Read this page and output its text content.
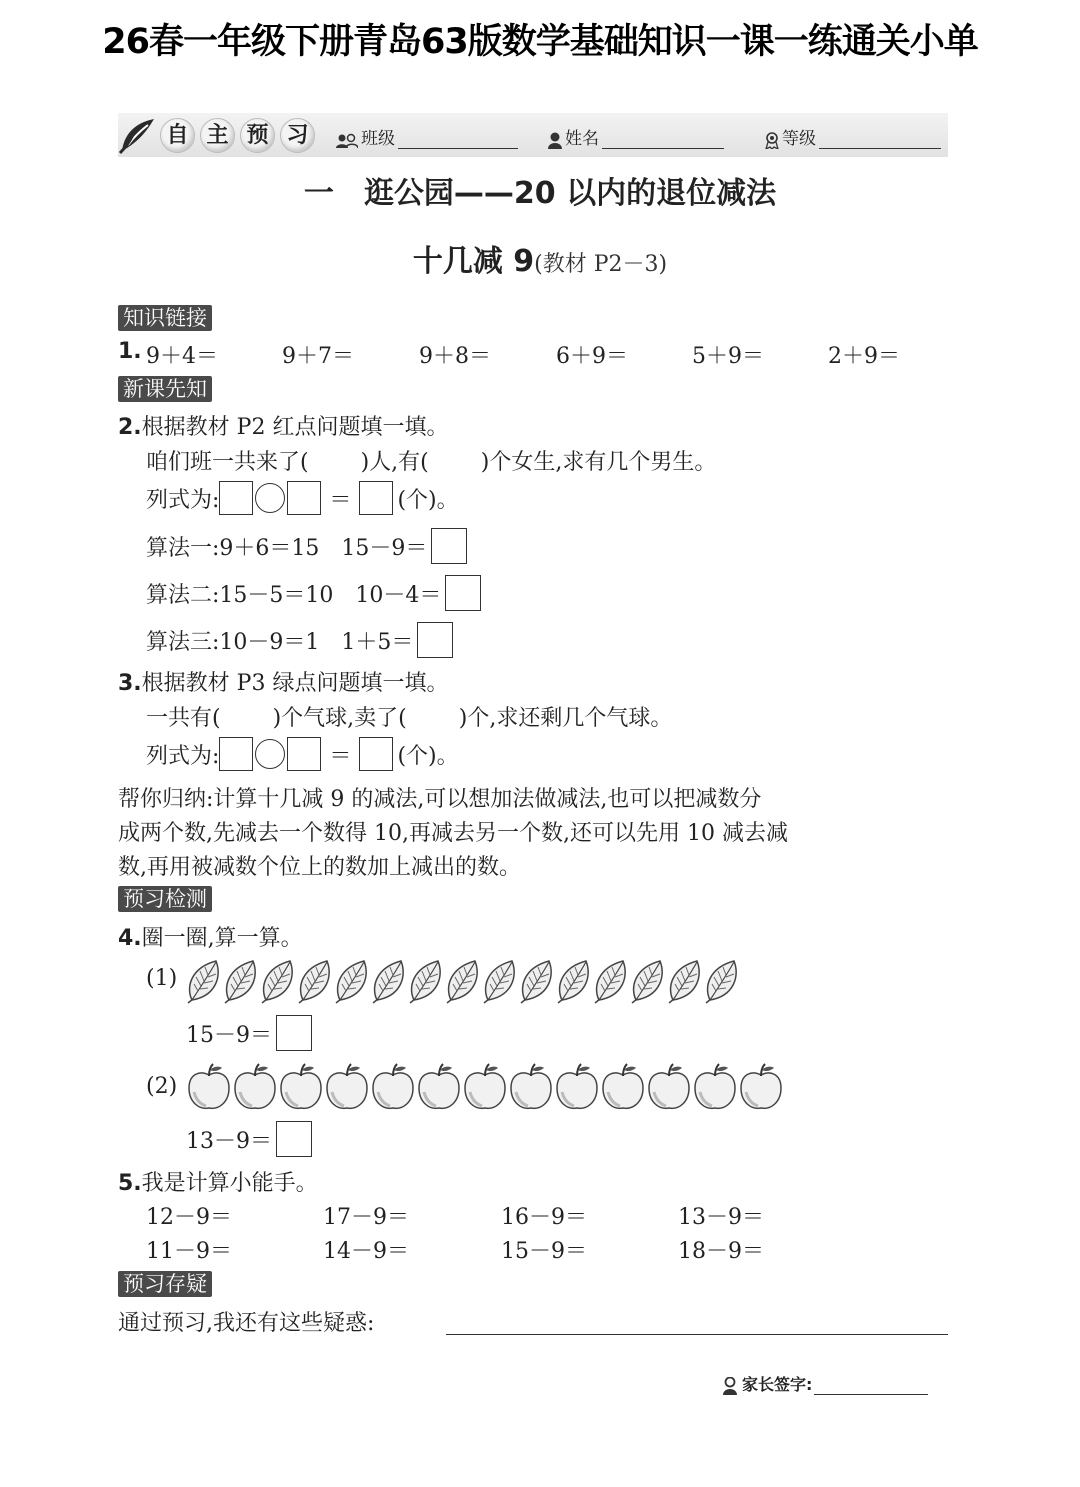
26春一年级下册青岛63版数学基础知识一课一练通关小单
自 主 预 习	班级	姓名	等级
一　逛公园——20 以内的退位减法
十几减 9(教材 P2－3)
知识链接
1. 9＋4＝	9＋7＝	9＋8＝	6＋9＝	5＋9＝	2＋9＝
新课先知
2.根据教材 P2 红点问题填一填。
咱们班一共来了( )人,有( )个女生,求有几个男生。
列式为:	＝ (个)。
算法一:9＋6＝15　15－9＝
算法二:15－5＝10　10－4＝
算法三:10－9＝1　1＋5＝
3.根据教材 P3 绿点问题填一填。
一共有( )个气球,卖了( )个,求还剩几个气球。
列式为:	＝ (个)。
帮你归纳:计算十几减 9 的减法,可以想加法做减法,也可以把减数分
成两个数,先减去一个数得 10,再减去另一个数,还可以先用 10 减去减
数,再用被减数个位上的数加上减出的数。
预习检测
4.圈一圈,算一算。
(1)
15－9＝
(2)
13－9＝
5.我是计算小能手。
12－9＝	17－9＝	16－9＝	13－9＝
11－9＝	14－9＝	15－9＝	18－9＝
预习存疑
通过预习,我还有这些疑惑:
家长签字:
